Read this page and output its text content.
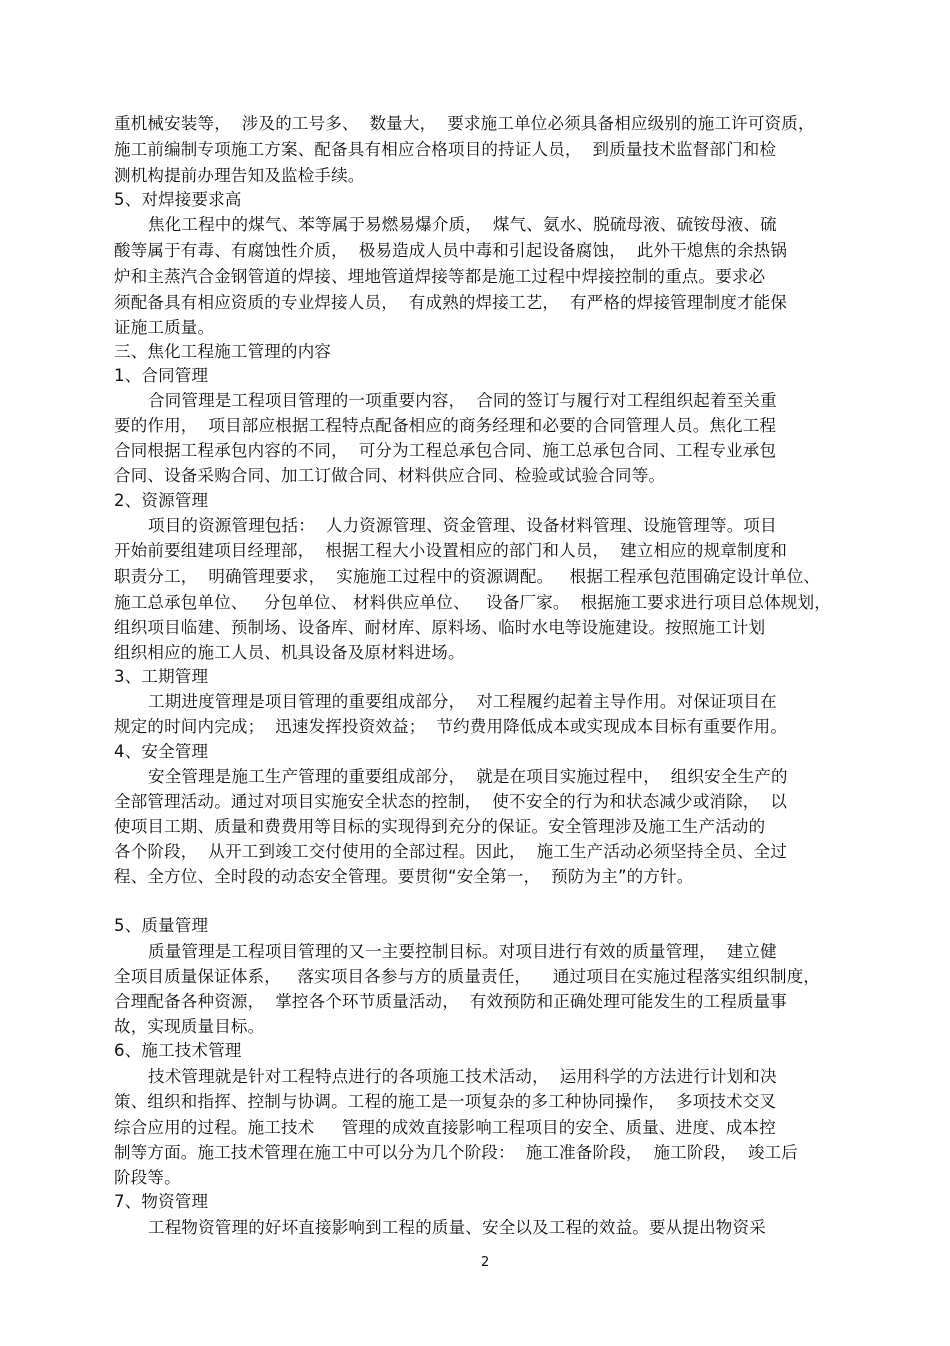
重机械安装等，  涉及的工号多、  数量大，  要求施工单位必须具备相应级别的施工许可资质，
施工前编制专项施工方案、配备具有相应合格项目的持证人员，  到质量技术监督部门和检
测机构提前办理告知及监检手续。
5、对焊接要求高
焦化工程中的煤气、苯等属于易燃易爆介质，  煤气、氨水、脱硫母液、硫铵母液、硫
酸等属于有毒、有腐蚀性介质，  极易造成人员中毒和引起设备腐蚀，  此外干熄焦的余热锅
炉和主蒸汽合金钢管道的焊接、埋地管道焊接等都是施工过程中焊接控制的重点。要求必
须配备具有相应资质的专业焊接人员，  有成熟的焊接工艺，  有严格的焊接管理制度才能保
证施工质量。
三、焦化工程施工管理的内容
1、合同管理
合同管理是工程项目管理的一项重要内容，  合同的签订与履行对工程组织起着至关重
要的作用，  项目部应根据工程特点配备相应的商务经理和必要的合同管理人员。焦化工程
合同根据工程承包内容的不同，  可分为工程总承包合同、施工总承包合同、工程专业承包
合同、设备采购合同、加工订做合同、材料供应合同、检验或试验合同等。
2、资源管理
项目的资源管理包括：  人力资源管理、资金管理、设备材料管理、设施管理等。项目
开始前要组建项目经理部，  根据工程大小设置相应的部门和人员，  建立相应的规章制度和
职责分工，  明确管理要求，  实施施工过程中的资源调配。   根据工程承包范围确定设计单位、
施工总承包单位、   分包单位、 材料供应单位、   设备厂家。  根据施工要求进行项目总体规划，
组织项目临建、预制场、设备库、耐材库、原料场、临时水电等设施建设。按照施工计划
组织相应的施工人员、机具设备及原材料进场。
3、工期管理
工期进度管理是项目管理的重要组成部分，  对工程履约起着主导作用。对保证项目在
规定的时间内完成；  迅速发挥投资效益；  节约费用降低成本或实现成本目标有重要作用。
4、安全管理
安全管理是施工生产管理的重要组成部分，  就是在项目实施过程中，  组织安全生产的
全部管理活动。通过对项目实施安全状态的控制，  使不安全的行为和状态减少或消除，  以
使项目工期、质量和费费用等目标的实现得到充分的保证。安全管理涉及施工生产活动的
各个阶段，  从开工到竣工交付使用的全部过程。因此，  施工生产活动必须坚持全员、全过
程、全方位、全时段的动态安全管理。要贯彻“安全第一，  预防为主”的方针。
5、质量管理
质量管理是工程项目管理的又一主要控制目标。对项目进行有效的质量管理，  建立健
全项目质量保证体系，   落实项目各参与方的质量责任，    通过项目在实施过程落实组织制度，
合理配备各种资源，  掌控各个环节质量活动，  有效预防和正确处理可能发生的工程质量事
故，实现质量目标。
6、施工技术管理
技术管理就是针对工程特点进行的各项施工技术活动，  运用科学的方法进行计划和决
策、组织和指挥、控制与协调。工程的施工是一项复杂的多工种协同操作，  多项技术交叉
综合应用的过程。施工技术     管理的成效直接影响工程项目的安全、质量、进度、成本控
制等方面。施工技术管理在施工中可以分为几个阶段：  施工准备阶段，  施工阶段，  竣工后
阶段等。
7、物资管理
工程物资管理的好坏直接影响到工程的质量、安全以及工程的效益。要从提出物资采
2
